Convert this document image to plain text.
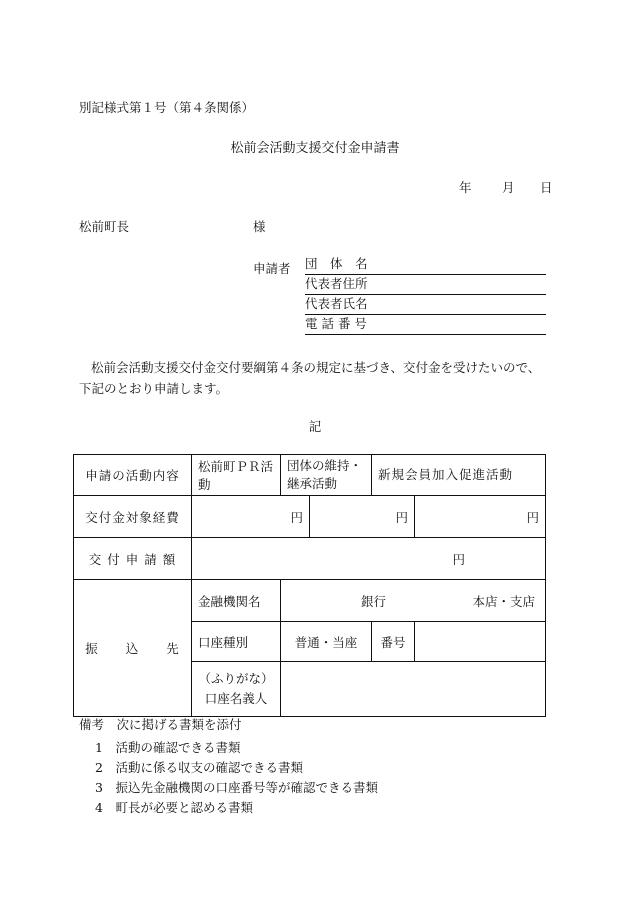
別記様式第１号（第４条関係）
松前会活動支援交付金申請書
年 月 日
松前町長	様
申請者 団　体　名
代表者住所
代表者氏名
電 話 番 号
松前会活動支援交付金交付要綱第４条の規定に基づき、交付金を受けたいので、下記のとおり申請します。
記
申請の活動内容	松前町ＰＲ活動	団体の維持・継承活動		新規会員加入促進活動	
交付金対象経費	円		円		円
交 付 申 請 額	円				
振　　込　　先	金融機関名	銀行 本店・支店			

	口座種別	普通・当座		番号	

	（ふりがな）
口座名義人				

備考　次に掲げる書類を添付
1　 活動の確認できる書類
2　 活動に係る収支の確認できる書類
3　 振込先金融機関の口座番号等が確認できる書類
4　 町長が必要と認める書類
